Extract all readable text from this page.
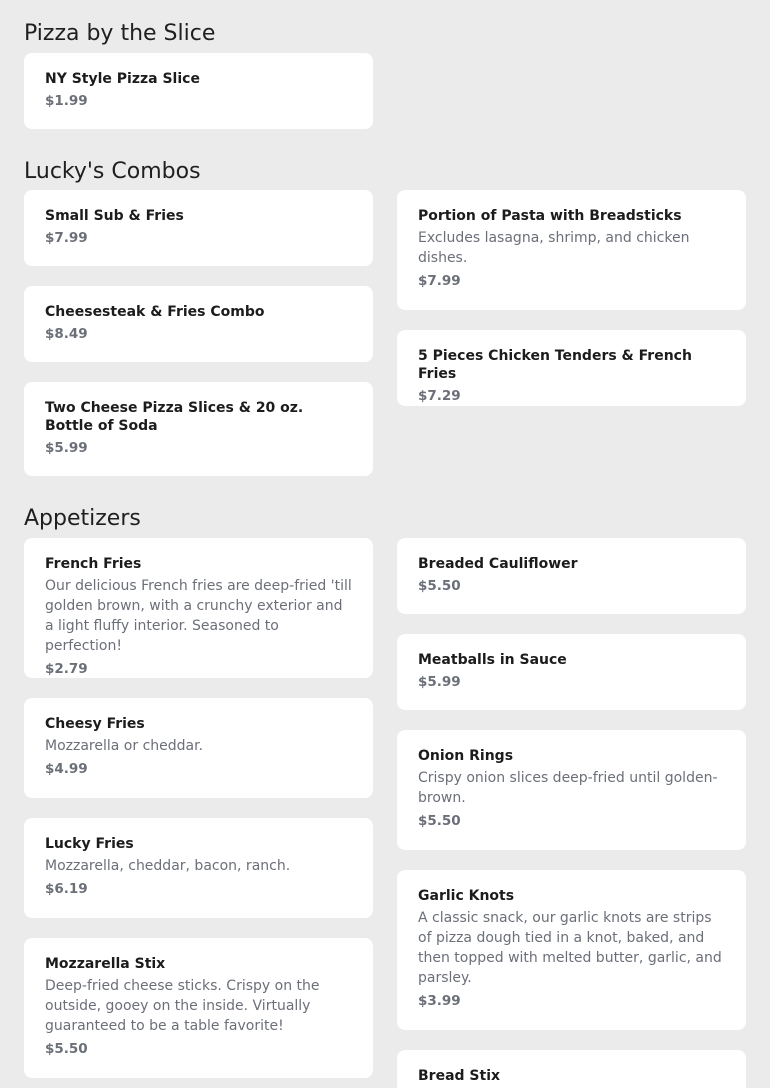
Pizza by the Slice
NY Style Pizza Slice
$1.99
Lucky's Combos
Small Sub & Fries
$7.99
Portion of Pasta with Breadsticks
Excludes lasagna, shrimp, and chicken dishes.
$7.99
Cheesesteak & Fries Combo
$8.49
5 Pieces Chicken Tenders & French Fries
$7.29
Two Cheese Pizza Slices & 20 oz. Bottle of Soda
$5.99
Appetizers
French Fries
Our delicious French fries are deep-fried 'till golden brown, with a crunchy exterior and a light fluffy interior. Seasoned to perfection!
$2.79
Breaded Cauliflower
$5.50
Meatballs in Sauce
$5.99
Cheesy Fries
Mozzarella or cheddar.
$4.99
Onion Rings
Crispy onion slices deep-fried until golden-brown.
$5.50
Lucky Fries
Mozzarella, cheddar, bacon, ranch.
$6.19	Garlic Knots
A classic snack, our garlic knots are strips of pizza dough tied in a knot, baked, and then topped with melted butter, garlic, and parsley.
$3.99
Mozzarella Stix
Deep-fried cheese sticks. Crispy on the outside, gooey on the inside. Virtually guaranteed to be a table favorite!
$5.50
Bread Stix
